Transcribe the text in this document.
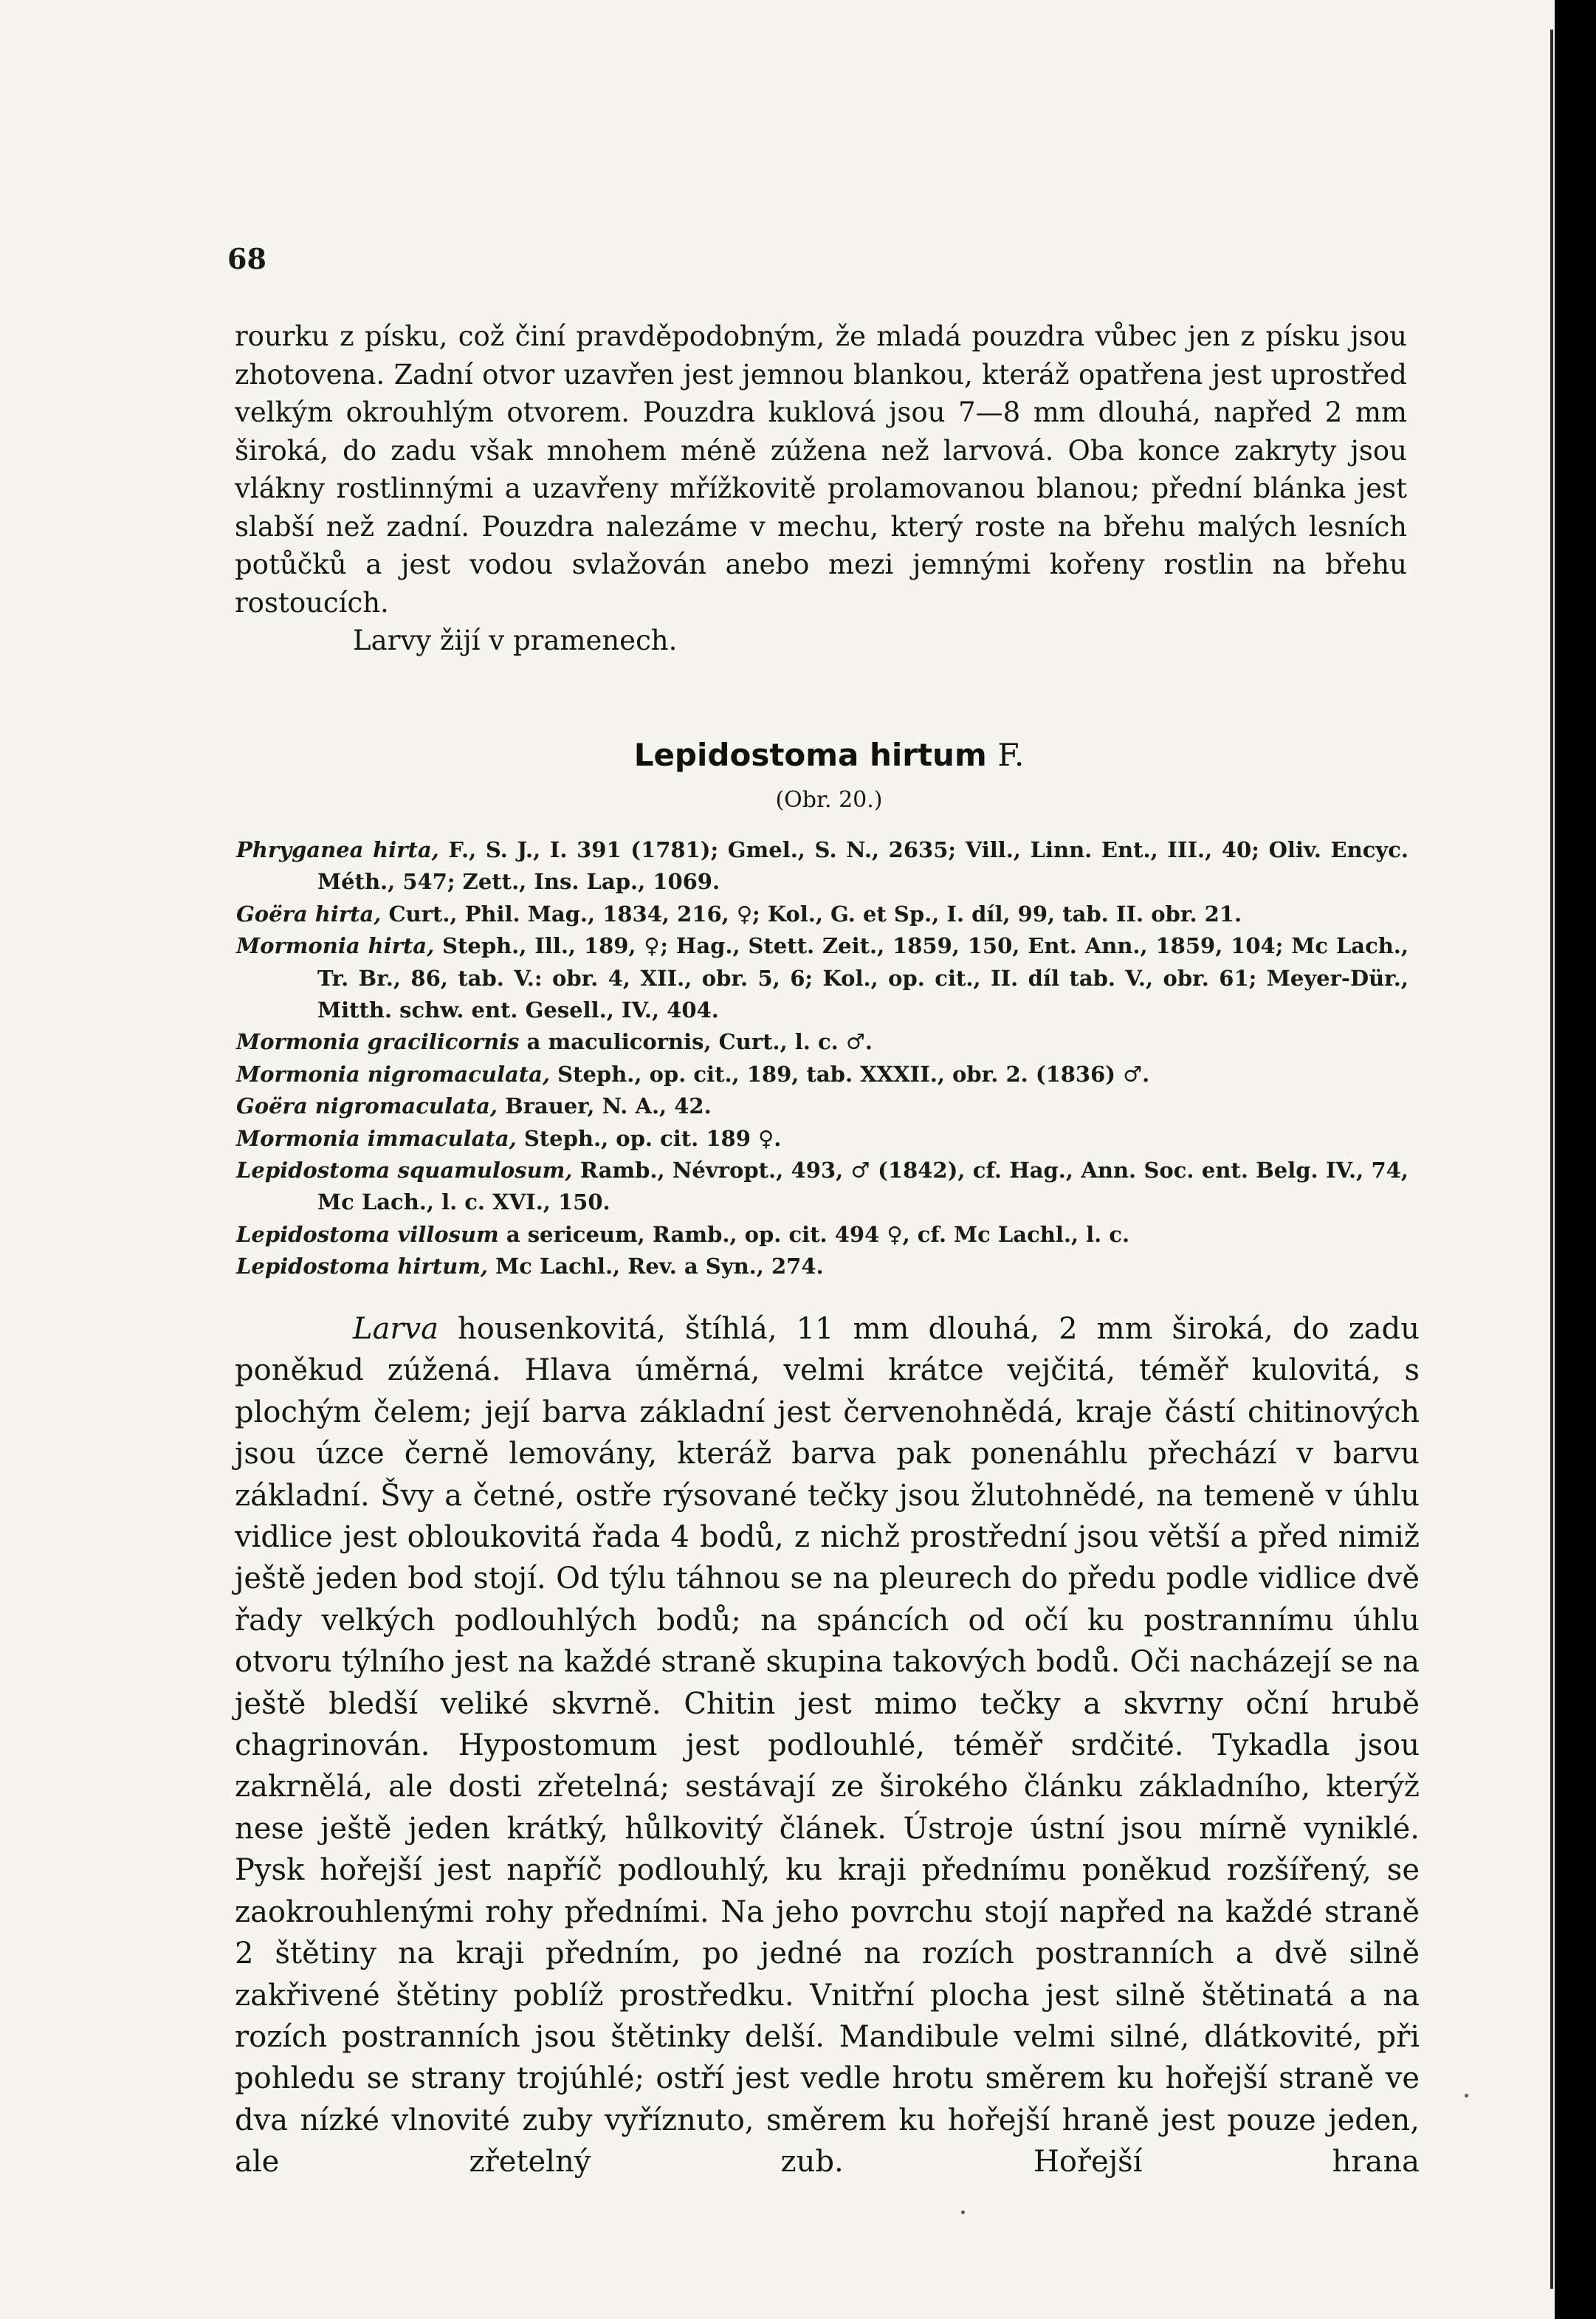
68

rourku z písku, což činí pravděpodobným, že mladá pouzdra vůbec jen z písku jsou zhotovena. Zadní otvor uzavřen jest jemnou blankou, kteráž opatřena jest uprostřed velkým okrouhlým otvorem. Pouzdra kuklová jsou 7—8 mm dlouhá, napřed 2 mm široká, do zadu však mnohem méně zúžena než larvová. Oba konce zakryty jsou vlákny rostlinnými a uzavřeny mřížkovitě prolamovanou blanou; přední blánka jest slabší než zadní. Pouzdra nalezáme v mechu, který roste na břehu malých lesních potůčků a jest vodou svlažován anebo mezi jemnými kořeny rostlin na břehu rostoucích.

Larvy žijí v pramenech.

Lepidostoma hirtum F.
(Obr. 20.)
Phryganea hirta, F., S. J., I. 391 (1781); Gmel., S. N., 2635; Vill., Linn. Ent., III., 40; Oliv. Encyc. Méth., 547; Zett., Ins. Lap., 1069.
Goëra hirta, Curt., Phil. Mag., 1834, 216, ♀; Kol., G. et Sp., I. díl, 99, tab. II. obr. 21.
Mormonia hirta, Steph., Ill., 189, ♀; Hag., Stett. Zeit., 1859, 150, Ent. Ann., 1859, 104; Mc Lach., Tr. Br., 86, tab. V.: obr. 4, XII., obr. 5, 6; Kol., op. cit., II. díl tab. V., obr. 61; Meyer-Dür., Mitth. schw. ent. Gesell., IV., 404.
Mormonia gracilicornis a maculicornis, Curt., l. c. ♂.
Mormonia nigromaculata, Steph., op. cit., 189, tab. XXXII., obr. 2. (1836) ♂.
Goëra nigromaculata, Brauer, N. A., 42.
Mormonia immaculata, Steph., op. cit. 189 ♀.
Lepidostoma squamulosum, Ramb., Névropt., 493, ♂ (1842), cf. Hag., Ann. Soc. ent. Belg. IV., 74, Mc Lach., l. c. XVI., 150.
Lepidostoma villosum a sericeum, Ramb., op. cit. 494 ♀, cf. Mc Lachl., l. c.
Lepidostoma hirtum, Mc Lachl., Rev. a Syn., 274.
Larva housenkovitá, štíhlá, 11 mm dlouhá, 2 mm široká, do zadu poněkud zúžená. Hlava úměrná, velmi krátce vejčitá, téměř kulovitá, s plochým čelem; její barva základní jest červenohnědá, kraje částí chitinových jsou úzce černě lemovány, kteráž barva pak ponenáhlu přechází v barvu základní. Švy a četné, ostře rýsované tečky jsou žlutohnědé, na temeně v úhlu vidlice jest obloukovitá řada 4 bodů, z nichž prostřední jsou větší a před nimiž ještě jeden bod stojí. Od týlu táhnou se na pleurech do předu podle vidlice dvě řady velkých podlouhlých bodů; na spáncích od očí ku postrannímu úhlu otvoru týlního jest na každé straně skupina takových bodů. Oči nacházejí se na ještě bledší veliké skvrně. Chitin jest mimo tečky a skvrny oční hrubě chagrinován. Hypostomum jest podlouhlé, téměř srdčité. Tykadla jsou zakrnělá, ale dosti zřetelná; sestávají ze širokého článku základního, kterýž nese ještě jeden krátký, hůlkovitý článek. Ústroje ústní jsou mírně vyniklé. Pysk hořejší jest napříč podlouhlý, ku kraji přednímu poněkud rozšířený, se zaokrouhlenými rohy předními. Na jeho povrchu stojí napřed na každé straně 2 štětiny na kraji předním, po jedné na rozích postranních a dvě silně zakřivené štětiny poblíž prostředku. Vnitřní plocha jest silně štětinatá a na rozích postranních jsou štětinky delší. Mandibule velmi silné, dlátkovité, při pohledu se strany trojúhlé; ostří jest vedle hrotu směrem ku hořejší straně ve dva nízké vlnovité zuby vyříznuto, směrem ku hořejší hraně jest pouze jeden, ale zřetelný zub. Hořejší hrana
